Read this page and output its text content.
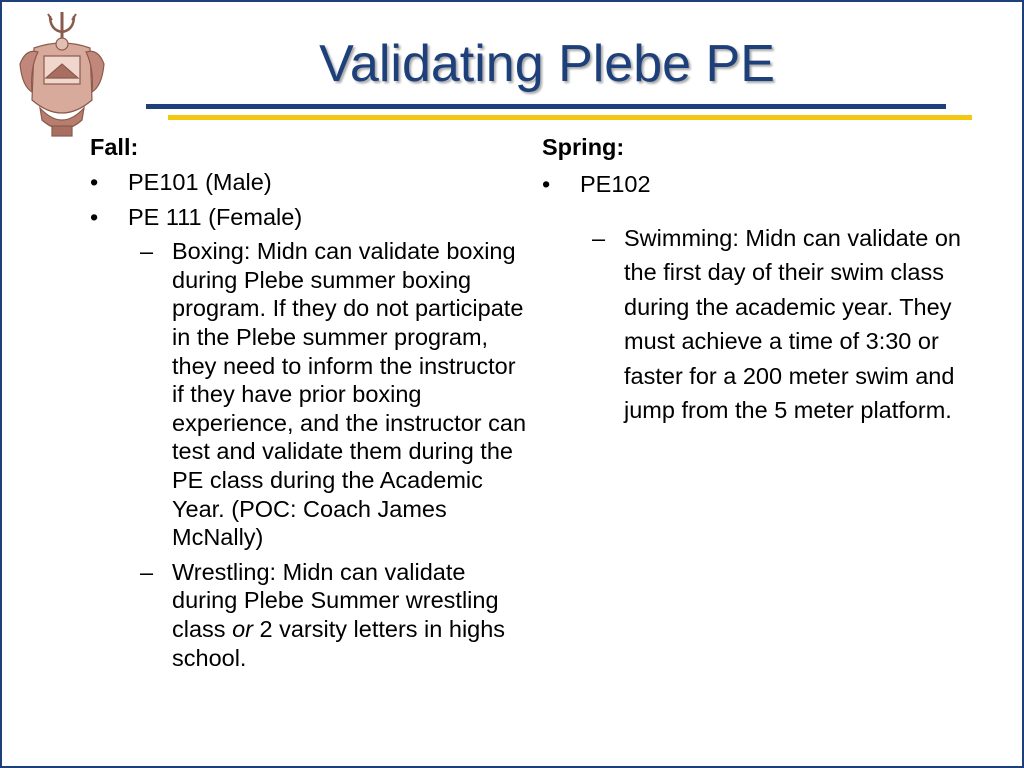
Validating Plebe PE
Fall:
•	PE101 (Male)
•	PE 111 (Female)
– Boxing: Midn can validate boxing during Plebe summer boxing program. If they do not participate in the Plebe summer program, they need to inform the instructor if they have prior boxing experience, and the instructor can test and validate them during the PE class during the Academic Year. (POC: Coach James McNally)
– Wrestling: Midn can validate during Plebe Summer wrestling class or 2 varsity letters in highs school.
Spring:
•	PE102
– Swimming: Midn can validate on the first day of their swim class during the academic year. They must achieve a time of 3:30 or faster for a 200 meter swim and jump from the 5 meter platform.
